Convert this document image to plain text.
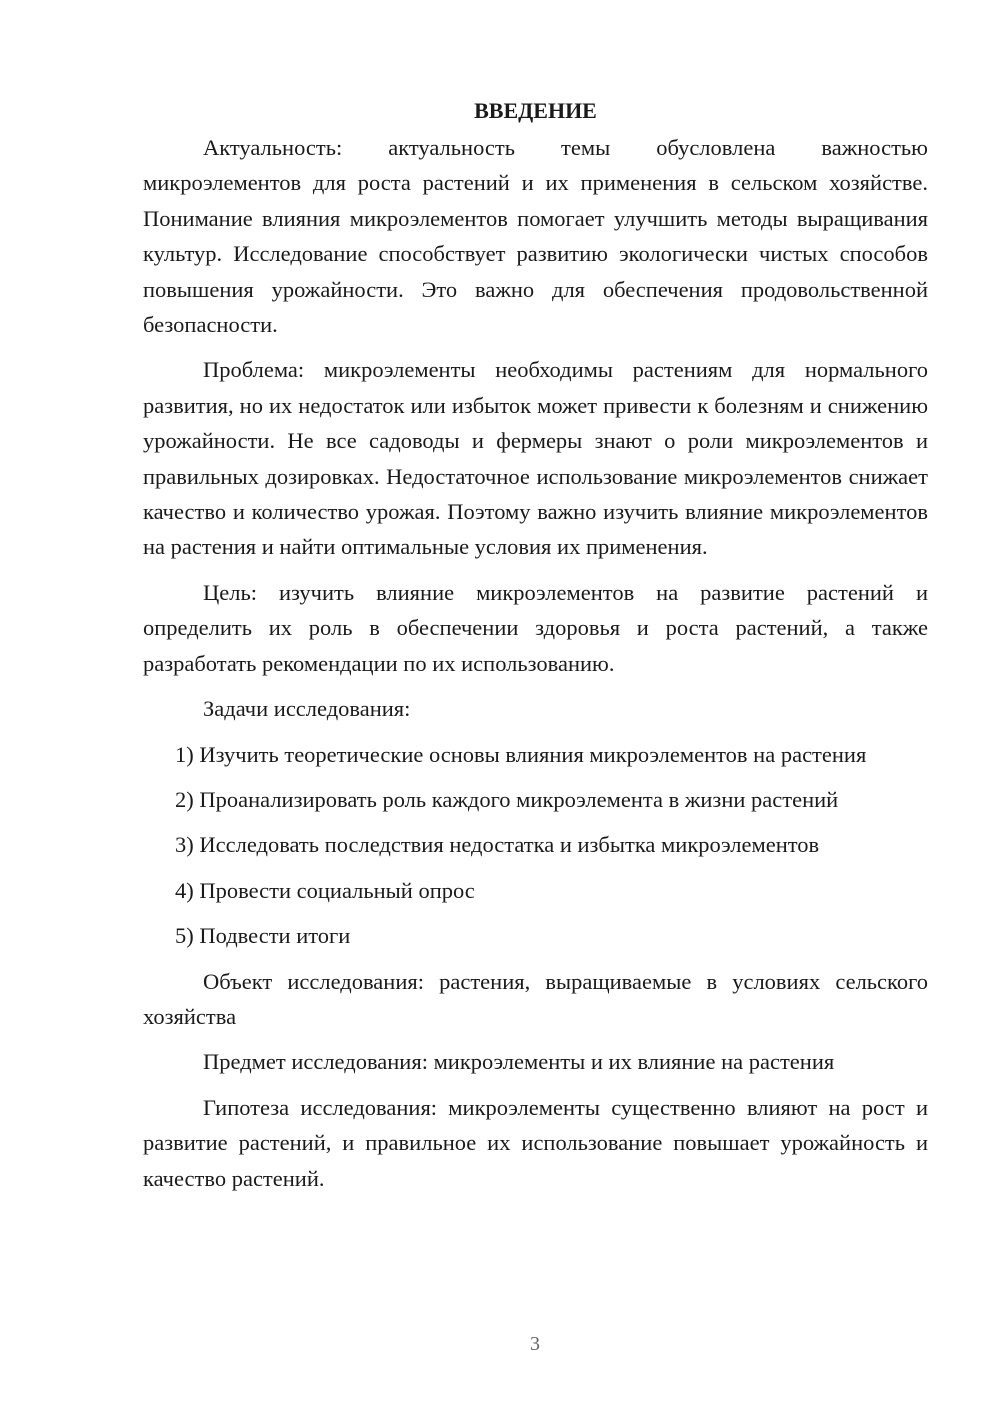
ВВЕДЕНИЕ

Актуальность: актуальность темы обусловлена важностью микроэлементов для роста растений и их применения в сельском хозяйстве. Понимание влияния микроэлементов помогает улучшить методы выращивания культур. Исследование способствует развитию экологически чистых способов повышения урожайности. Это важно для обеспечения продовольственной безопасности.

Проблема: микроэлементы необходимы растениям для нормального развития, но их недостаток или избыток может привести к болезням и снижению урожайности. Не все садоводы и фермеры знают о роли микроэлементов и правильных дозировках. Недостаточное использование микроэлементов снижает качество и количество урожая. Поэтому важно изучить влияние микроэлементов на растения и найти оптимальные условия их применения.

Цель: изучить влияние микроэлементов на развитие растений и определить их роль в обеспечении здоровья и роста растений, а также разработать рекомендации по их использованию.

Задачи исследования:

1) Изучить теоретические основы влияния микроэлементов на растения

2) Проанализировать роль каждого микроэлемента в жизни растений

3) Исследовать последствия недостатка и избытка микроэлементов

4) Провести социальный опрос

5) Подвести итоги

Объект исследования: растения, выращиваемые в условиях сельского хозяйства

Предмет исследования: микроэлементы и их влияние на растения

Гипотеза исследования: микроэлементы существенно влияют на рост и развитие растений, и правильное их использование повышает урожайность и качество растений.

3
